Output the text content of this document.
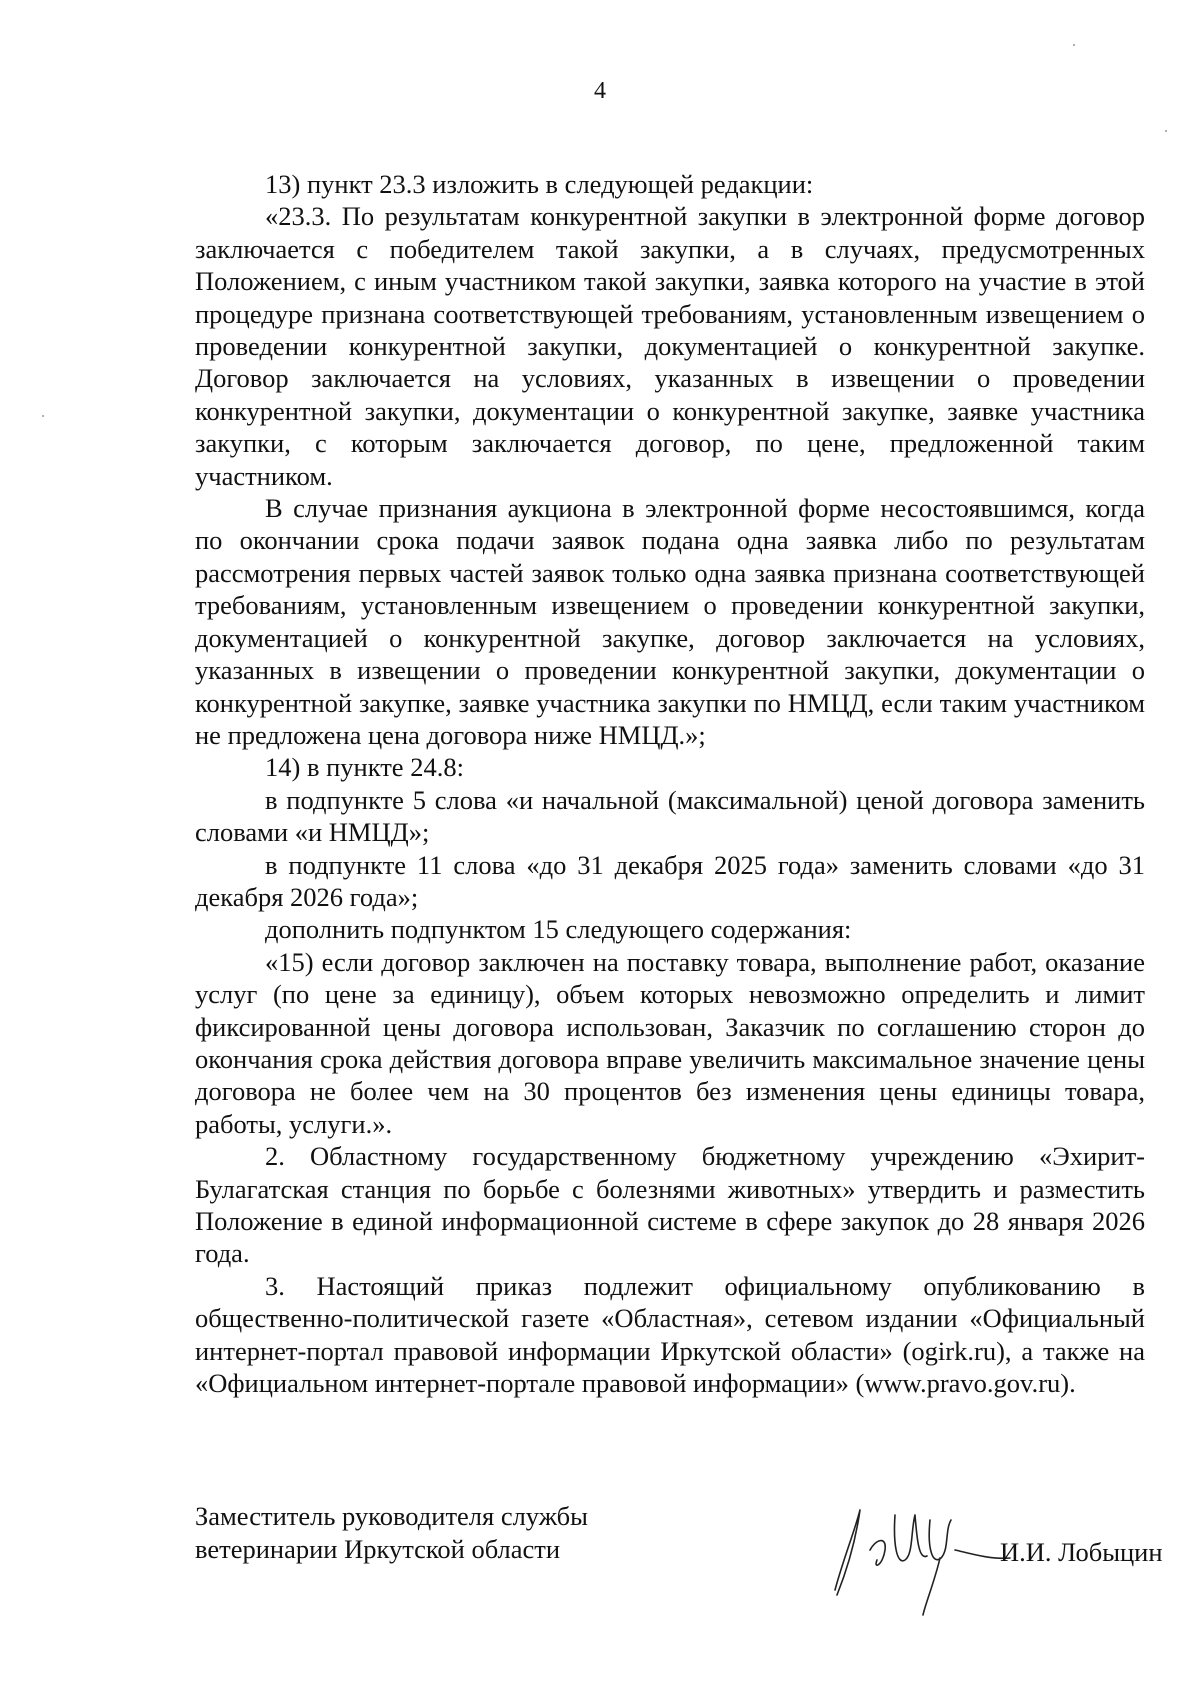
4

13) пункт 23.3 изложить в следующей редакции:

«23.3. По результатам конкурентной закупки в электронной форме договор заключается с победителем такой закупки, а в случаях, предусмотренных Положением, с иным участником такой закупки, заявка которого на участие в этой процедуре признана соответствующей требованиям, установленным извещением о проведении конкурентной закупки, документацией о конкурентной закупке. Договор заключается на условиях, указанных в извещении о проведении конкурентной закупки, документации о конкурентной закупке, заявке участника закупки, с которым заключается договор, по цене, предложенной таким участником.

В случае признания аукциона в электронной форме несостоявшимся, когда по окончании срока подачи заявок подана одна заявка либо по результатам рассмотрения первых частей заявок только одна заявка признана соответствующей требованиям, установленным извещением о проведении конкурентной закупки, документацией о конкурентной закупке, договор заключается на условиях, указанных в извещении о проведении конкурентной закупки, документации о конкурентной закупке, заявке участника закупки по НМЦД, если таким участником не предложена цена договора ниже НМЦД.»;

14) в пункте 24.8:

в подпункте 5 слова «и начальной (максимальной) ценой договора заменить словами «и НМЦД»;

в подпункте 11 слова «до 31 декабря 2025 года» заменить словами «до 31 декабря 2026 года»;

дополнить подпунктом 15 следующего содержания:

«15) если договор заключен на поставку товара, выполнение работ, оказание услуг (по цене за единицу), объем которых невозможно определить и лимит фиксированной цены договора использован, Заказчик по соглашению сторон до окончания срока действия договора вправе увеличить максимальное значение цены договора не более чем на 30 процентов без изменения цены единицы товара, работы, услуги.».

2. Областному государственному бюджетному учреждению «Эхирит-Булагатская станция по борьбе с болезнями животных» утвердить и разместить Положение в единой информационной системе в сфере закупок до 28 января 2026 года.

3. Настоящий приказ подлежит официальному опубликованию в общественно-политической газете «Областная», сетевом издании «Официальный интернет-портал правовой информации Иркутской области» (ogirk.ru), а также на «Официальном интернет-портале правовой информации» (www.pravo.gov.ru).

Заместитель руководителя службы
ветеринарии Иркутской области	И.И. Лобыцин
